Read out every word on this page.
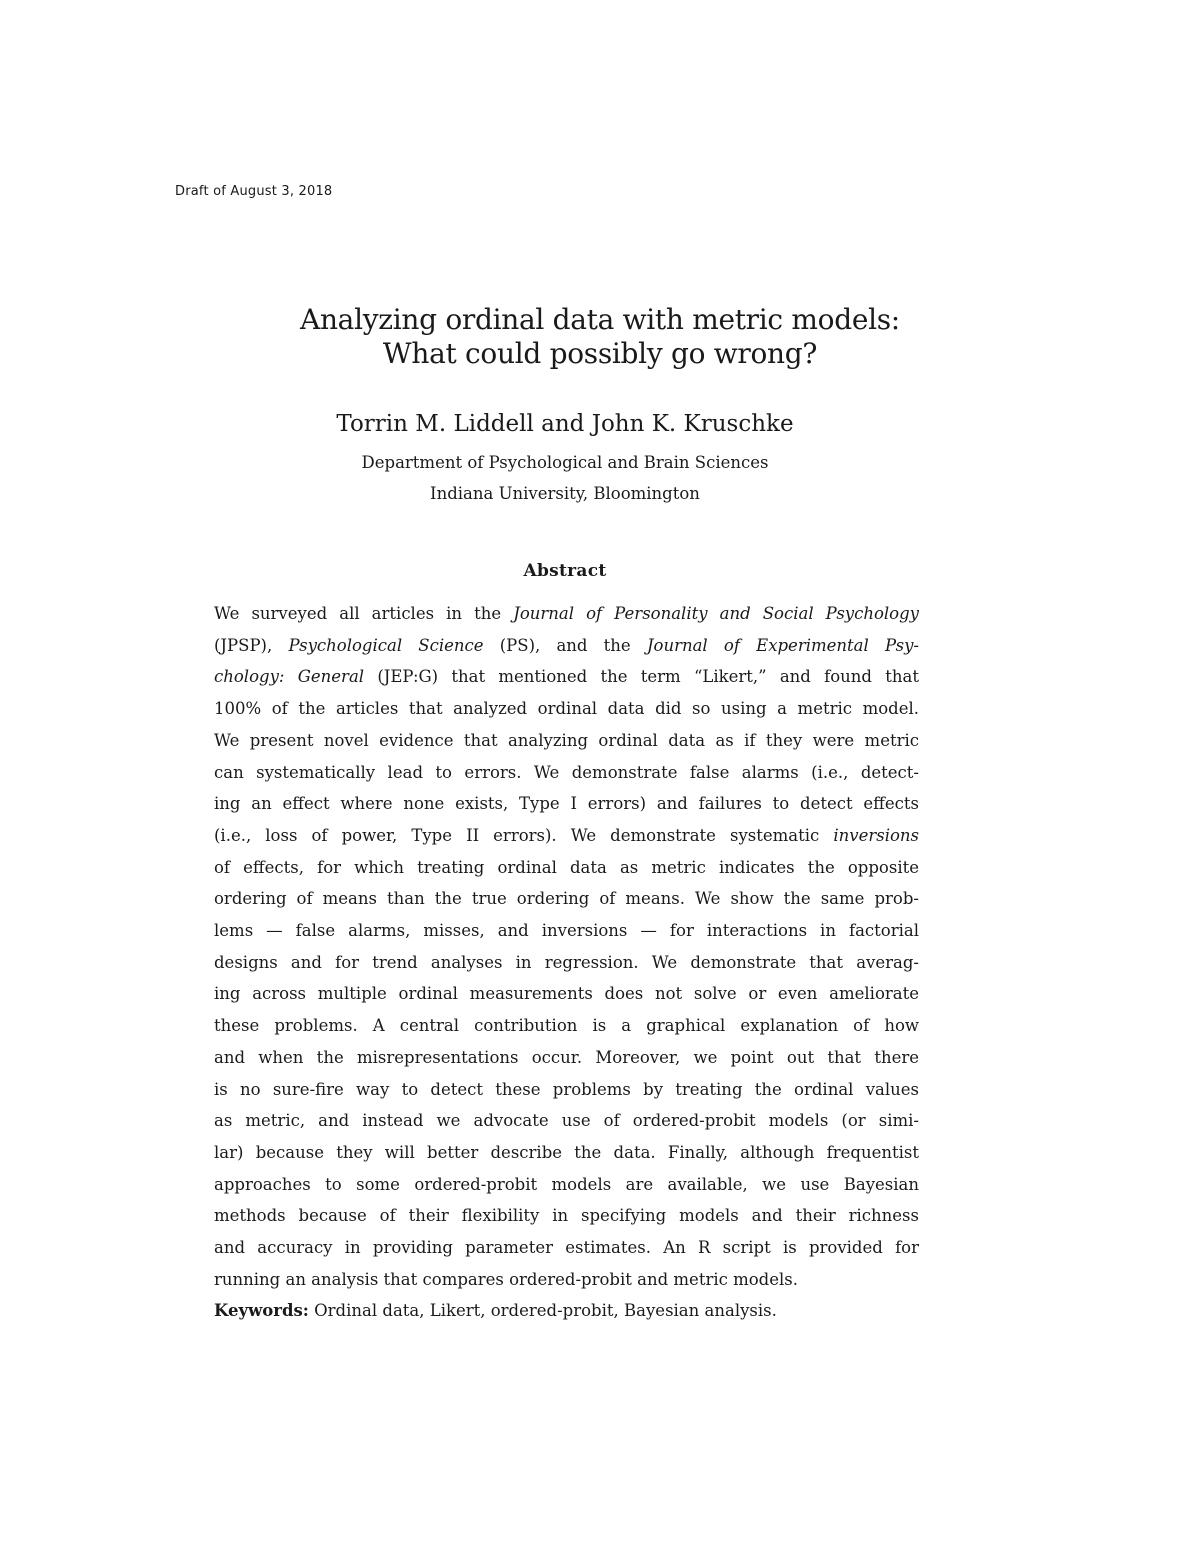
Draft of August 3, 2018
Analyzing ordinal data with metric models:
What could possibly go wrong?
Torrin M. Liddell and John K. Kruschke
Department of Psychological and Brain Sciences
Indiana University, Bloomington
Abstract
We surveyed all articles in the Journal of Personality and Social Psychology
(JPSP), Psychological Science (PS), and the Journal of Experimental Psy-
chology: General (JEP:G) that mentioned the term “Likert,” and found that
100% of the articles that analyzed ordinal data did so using a metric model.
We present novel evidence that analyzing ordinal data as if they were metric
can systematically lead to errors. We demonstrate false alarms (i.e., detect-
ing an effect where none exists, Type I errors) and failures to detect effects
(i.e., loss of power, Type II errors). We demonstrate systematic inversions
of effects, for which treating ordinal data as metric indicates the opposite
ordering of means than the true ordering of means. We show the same prob-
lems — false alarms, misses, and inversions — for interactions in factorial
designs and for trend analyses in regression. We demonstrate that averag-
ing across multiple ordinal measurements does not solve or even ameliorate
these problems. A central contribution is a graphical explanation of how
and when the misrepresentations occur. Moreover, we point out that there
is no sure-fire way to detect these problems by treating the ordinal values
as metric, and instead we advocate use of ordered-probit models (or simi-
lar) because they will better describe the data. Finally, although frequentist
approaches to some ordered-probit models are available, we use Bayesian
methods because of their flexibility in specifying models and their richness
and accuracy in providing parameter estimates. An R script is provided for
running an analysis that compares ordered-probit and metric models.
Keywords: Ordinal data, Likert, ordered-probit, Bayesian analysis.
